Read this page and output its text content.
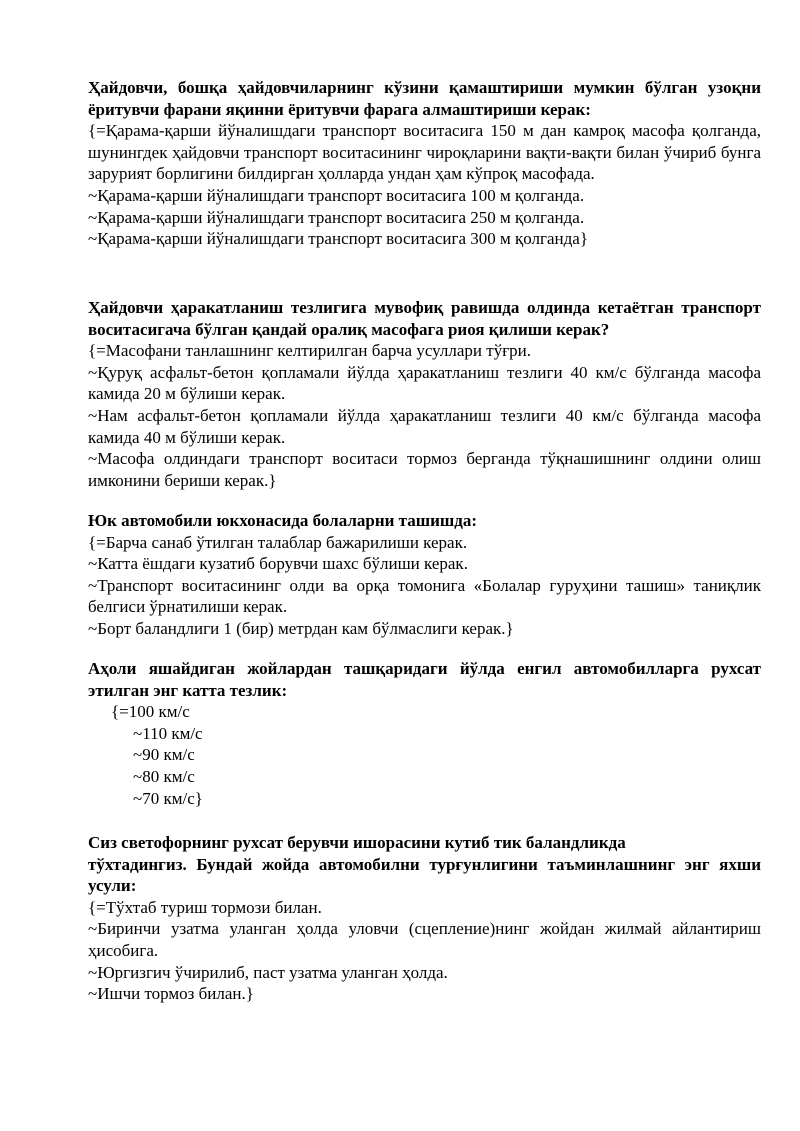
Ҳайдовчи, бошқа ҳайдовчиларнинг кўзини қамаштириши мумкин бўлган узоқни ёритувчи фарани яқинни ёритувчи фарага алмаштириши керак:

{=Қарама-қарши йўналишдаги транспорт воситасига 150 м дан камроқ масофа қолганда, шунингдек ҳайдовчи транспорт воситасининг чироқларини вақти-вақти билан ўчириб бунга зарурият борлигини билдирган ҳолларда ундан ҳам кўпроқ масофада.

~Қарама-қарши йўналишдаги транспорт воситасига 100 м қолганда.

~Қарама-қарши йўналишдаги транспорт воситасига 250 м қолганда.

~Қарама-қарши йўналишдаги транспорт воситасига 300 м қолганда}

Ҳайдовчи ҳаракатланиш тезлигига мувофиқ равишда олдинда кетаётган транспорт воситасигача бўлган қандай оралиқ масофага риоя қилиши керак?

{=Масофани танлашнинг келтирилган барча усуллари тўғри.

~Қуруқ асфальт-бетон қопламали йўлда ҳаракатланиш тезлиги 40 км/с бўлганда масофа камида 20 м бўлиши керак.

~Нам асфальт-бетон қопламали йўлда ҳаракатланиш тезлиги 40 км/с бўлганда масофа камида 40 м бўлиши керак.

~Масофа олдиндаги транспорт воситаси тормоз берганда тўқнашишнинг олдини олиш имконини бериши керак.}

Юк автомобили юкхонасида болаларни ташишда:

{=Барча санаб ўтилган талаблар бажарилиши керак.

~Катта ёшдаги кузатиб борувчи шахс бўлиши керак.

~Транспорт воситасининг олди ва орқа томонига «Болалар гуруҳини ташиш» таниқлик белгиси ўрнатилиши керак.

~Борт баландлиги 1 (бир) метрдан кам бўлмаслиги керак.}

Аҳоли яшайдиган жойлардан ташқаридаги йўлда енгил автомобилларга рухсат этилган энг катта тезлик:

{=100 км/с

~110 км/с

~90 км/с

~80 км/с

~70 км/с}

Сиз светофорнинг рухсат берувчи ишорасини кутиб тик баландликда

тўхтадингиз. Бундай жойда автомобилни турғунлигини таъминлашнинг энг яхши усули:

{=Тўхтаб туриш тормози билан.

~Биринчи узатма уланган ҳолда уловчи (сцепление)нинг жойдан жилмай айлантириш ҳисобига.

~Юргизгич ўчирилиб, паст узатма уланган ҳолда.

~Ишчи тормоз билан.}
